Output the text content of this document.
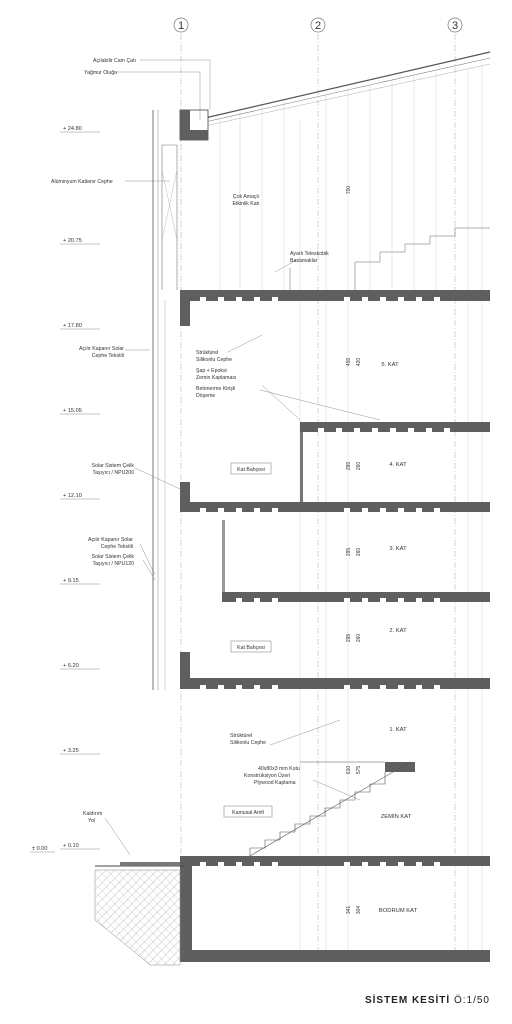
1	2	3
+ 24.80
+ 20.75
+ 17.80
+ 15.05
+ 12.10
+ 9.15
+ 6.20
+ 3.25
+ 0.10
± 0.00
5. KAT
4. KAT
3. KAT
2. KAT
1. KAT
ZEMİN KAT
BODRUM KAT
Çok Amaçlı
Etkinlik Katı
Kat Bahçesi
Kat Bahçesi
Kamusal Amfi
Açılabilir Cam Çatı
Yağmur Oluğu
Alüminyum Katlanır Cephe
Ayarlı Teleskobik
Basamaklar
Açılır Kapanır Solar
Cephe Tekstili	Strüktürel
Silikonlu Cephe
Şap + Epoksi
Zemin Kaplaması
Betonerme Kirişli
Döşeme
Solar Sistem Çelik
Taşıyıcı / NPU200
Açılır Kapanır Solar
Cephe Tekstili
Solar Sistem Çelik
Taşıyıcı / NPU120
Strüktürel
Silikonlu Cephe
40x80x3 mm Kutu
Konstrüksiyon Üzeri
Plywood Kaplama
Kaldırım
Yol
700
455 420
295 260
295 260
295 260
610 575
341 304
SİSTEM KESİTİ Ö:1/50
